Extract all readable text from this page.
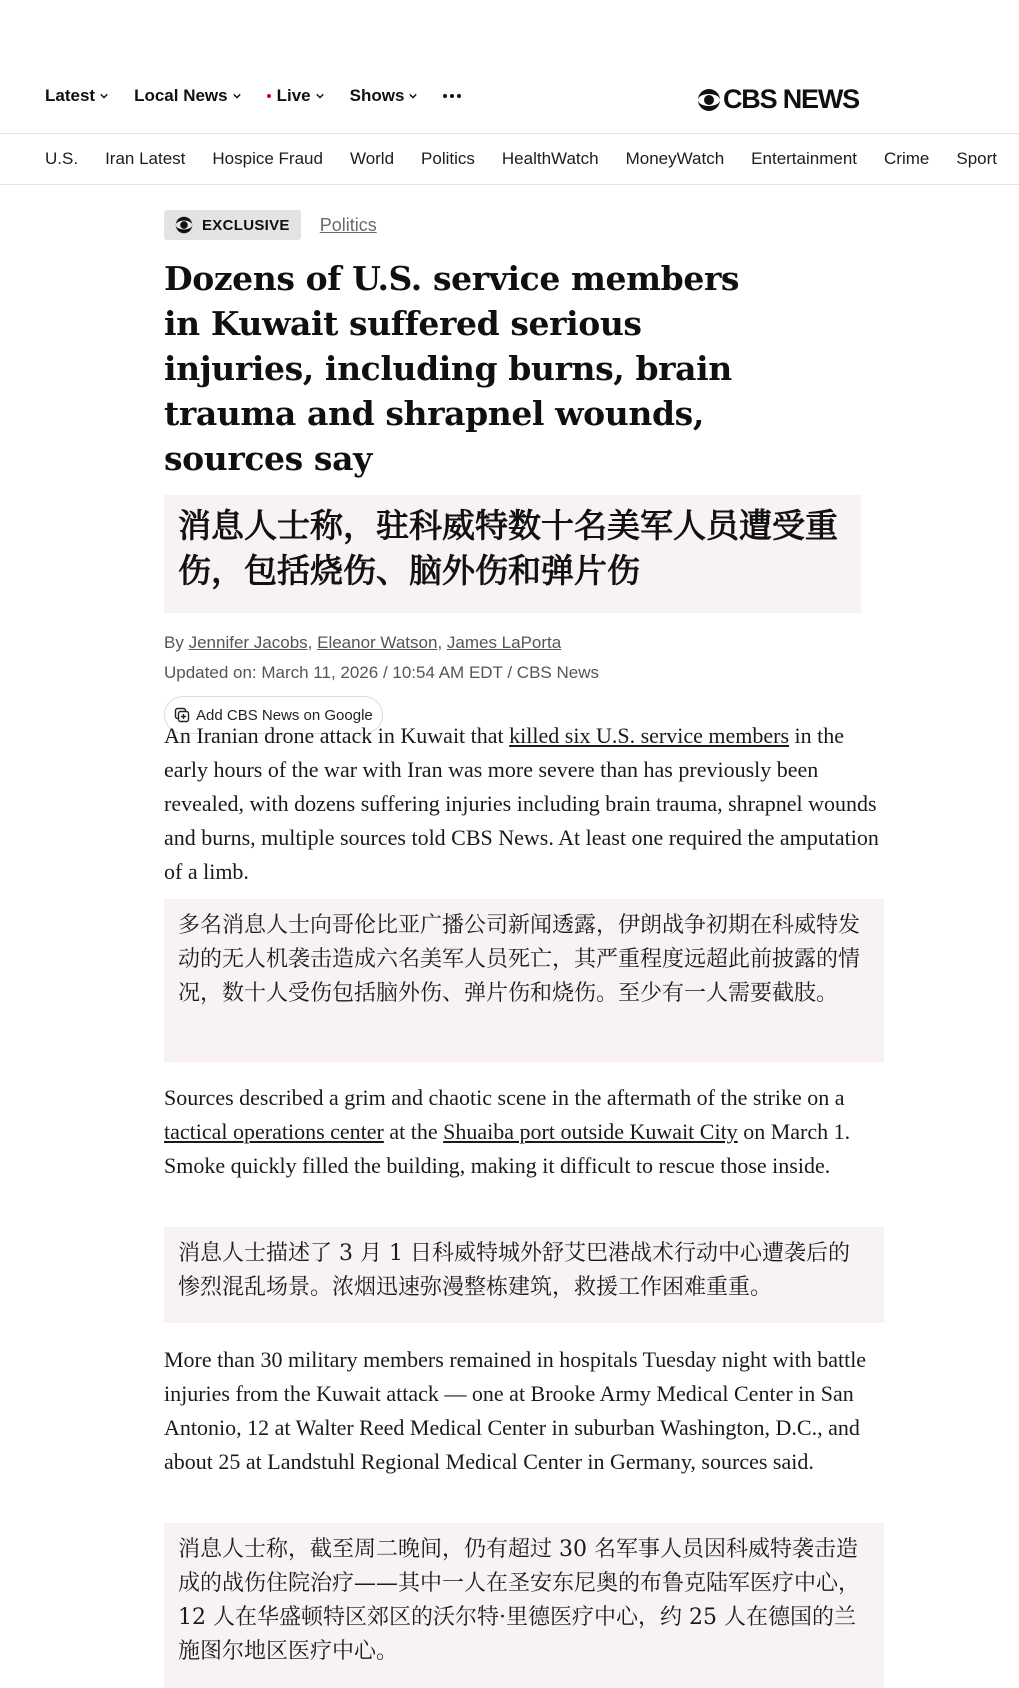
Latest Local News	Live Shows	CBS NEWS
U.S. Iran Latest Hospice Fraud World Politics HealthWatch MoneyWatch Entertainment Crime Sport
EXCLUSIVE Politics
Dozens of U.S. service members in Kuwait suffered serious injuries, including burns, brain trauma and shrapnel wounds, sources say
消息人士称，驻科威特数十名美军人员遭受重伤，包括烧伤、脑外伤和弹片伤
By Jennifer Jacobs, Eleanor Watson, James LaPorta
Updated on: March 11, 2026 / 10:54 AM EDT / CBS News
Add CBS News on Google

An Iranian drone attack in Kuwait that killed six U.S. service members in the early hours of the war with Iran was more severe than has previously been revealed, with dozens suffering injuries including brain trauma, shrapnel wounds and burns, multiple sources told CBS News. At least one required the amputation of a limb.

多名消息人士向哥伦比亚广播公司新闻透露，伊朗战争初期在科威特发动的无人机袭击造成六名美军人员死亡，其严重程度远超此前披露的情况，数十人受伤包括脑外伤、弹片伤和烧伤。至少有一人需要截肢。

Sources described a grim and chaotic scene in the aftermath of the strike on a tactical operations center at the Shuaiba port outside Kuwait City on March 1. Smoke quickly filled the building, making it difficult to rescue those inside.

消息人士描述了 3 月 1 日科威特城外舒艾巴港战术行动中心遭袭后的惨烈混乱场景。浓烟迅速弥漫整栋建筑，救援工作困难重重。

More than 30 military members remained in hospitals Tuesday night with battle injuries from the Kuwait attack — one at Brooke Army Medical Center in San Antonio, 12 at Walter Reed Medical Center in suburban Washington, D.C., and about 25 at Landstuhl Regional Medical Center in Germany, sources said.

消息人士称，截至周二晚间，仍有超过 30 名军事人员因科威特袭击造成的战伤住院治疗——其中一人在圣安东尼奥的布鲁克陆军医疗中心，12 人在华盛顿特区郊区的沃尔特·里德医疗中心，约 25 人在德国的兰施图尔地区医疗中心。
